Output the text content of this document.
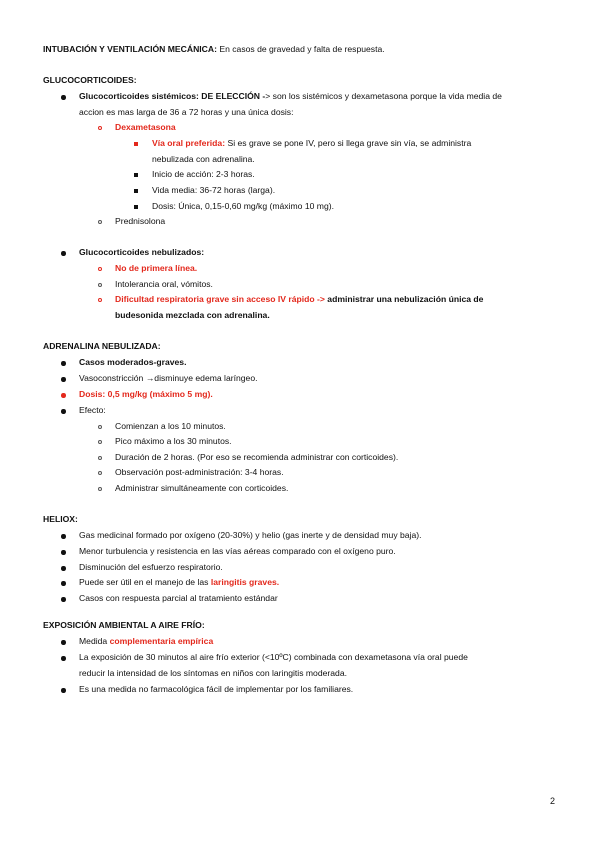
INTUBACIÓN Y VENTILACIÓN MECÁNICA: En casos de gravedad y falta de respuesta.
GLUCOCORTICOIDES:
Glucocorticoides sistémicos: DE ELECCIÓN -> son los sistémicos y dexametasona porque la vida media de
accion es mas larga de 36 a 72 horas y una única dosis:
Dexametasona
Vía oral preferida: Si es grave se pone IV, pero si llega grave sin vía, se administra
nebulizada con adrenalina.
Inicio de acción: 2-3 horas.
Vida media: 36-72 horas (larga).
Dosis: Única, 0,15-0,60 mg/kg (máximo 10 mg).
Prednisolona
Glucocorticoides nebulizados:
No de primera línea.
Intolerancia oral, vómitos.
Dificultad respiratoria grave sin acceso IV rápido -> administrar una nebulización única de
budesonida mezclada con adrenalina.
ADRENALINA NEBULIZADA:
Casos moderados-graves.
Vasoconstricción →disminuye edema laríngeo.
Dosis: 0,5 mg/kg (máximo 5 mg).
Efecto:
Comienzan a los 10 minutos.
Pico máximo a los 30 minutos.
Duración de 2 horas. (Por eso se recomienda administrar con corticoides).
Observación post-administración: 3-4 horas.
Administrar simultáneamente con corticoides.
HELIOX:
Gas medicinal formado por oxígeno (20-30%) y helio (gas inerte y de densidad muy baja).
Menor turbulencia y resistencia en las vías aéreas comparado con el oxígeno puro.
Disminución del esfuerzo respiratorio.
Puede ser útil en el manejo de las laringitis graves.
Casos con respuesta parcial al tratamiento estándar
EXPOSICIÓN AMBIENTAL A AIRE FRÍO:
Medida complementaria empírica
La exposición de 30 minutos al aire frío exterior (<10ºC) combinada con dexametasona vía oral puede
reducir la intensidad de los síntomas en niños con laringitis moderada.
Es una medida no farmacológica fácil de implementar por los familiares.
2
